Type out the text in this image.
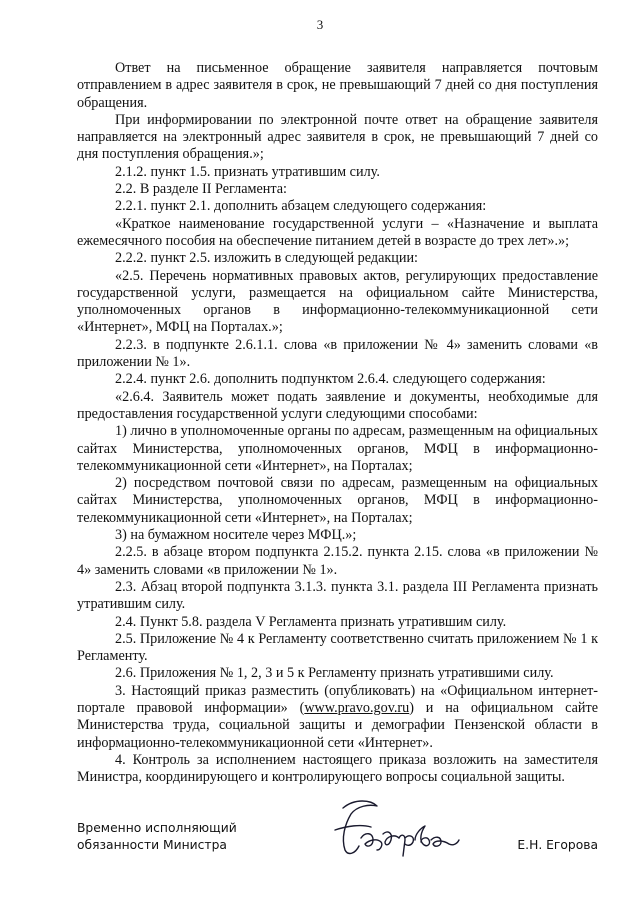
3

Ответ на письменное обращение заявителя направляется почтовым отправлением в адрес заявителя в срок, не превышающий 7 дней со дня поступления обращения.

При информировании по электронной почте ответ на обращение заявителя направляется на электронный адрес заявителя в срок, не превышающий 7 дней со дня поступления обращения.»;

2.1.2. пункт 1.5. признать утратившим силу.

2.2. В разделе II Регламента:

2.2.1. пункт 2.1. дополнить абзацем следующего содержания:

«Краткое наименование государственной услуги – «Назначение и выплата ежемесячного пособия на обеспечение питанием детей в возрасте до трех лет».»;

2.2.2. пункт 2.5. изложить в следующей редакции:

«2.5. Перечень нормативных правовых актов, регулирующих предоставление государственной услуги, размещается на официальном сайте Министерства, уполномоченных органов в информационно-телекоммуникационной сети «Интернет», МФЦ на Порталах.»;

2.2.3. в подпункте 2.6.1.1. слова «в приложении № 4» заменить словами «в приложении № 1».

2.2.4. пункт 2.6. дополнить подпунктом 2.6.4. следующего содержания:

«2.6.4. Заявитель может подать заявление и документы, необходимые для предоставления государственной услуги следующими способами:

1) лично в уполномоченные органы по адресам, размещенным на официальных сайтах Министерства, уполномоченных органов, МФЦ в информационно-телекоммуникационной сети «Интернет», на Порталах;

2) посредством почтовой связи по адресам, размещенным на официальных сайтах Министерства, уполномоченных органов, МФЦ в информационно-телекоммуникационной сети «Интернет», на Порталах;

3) на бумажном носителе через МФЦ.»;

2.2.5. в абзаце втором подпункта 2.15.2. пункта 2.15. слова «в приложении № 4» заменить словами «в приложении № 1».

2.3. Абзац второй подпункта 3.1.3. пункта 3.1. раздела III Регламента признать утратившим силу.

2.4. Пункт 5.8. раздела V Регламента признать утратившим силу.

2.5. Приложение № 4 к Регламенту соответственно считать приложением № 1 к Регламенту.

2.6. Приложения № 1, 2, 3 и 5 к Регламенту признать утратившими силу.

3. Настоящий приказ разместить (опубликовать) на «Официальном интернет-портале правовой информации» (www.pravo.gov.ru) и на официальном сайте Министерства труда, социальной защиты и демографии Пензенской области в информационно-телекоммуникационной сети «Интернет».

4. Контроль за исполнением настоящего приказа возложить на заместителя Министра, координирующего и контролирующего вопросы социальной защиты.

Временно исполняющий
обязанности Министра	Е.Н. Егорова
